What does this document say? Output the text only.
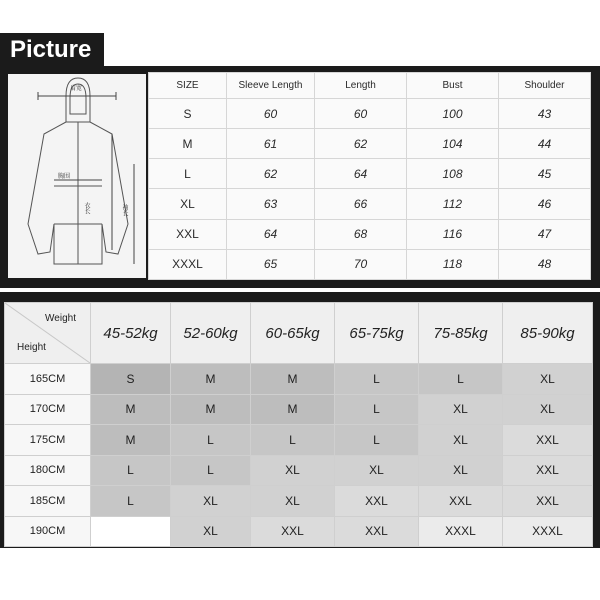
Picture
肩宽
胸围
衣长	袖长
SIZE	Sleeve Length	Length	Bust	Shoulder
S	60	60	100	43
M	61	62	104	44
L	62	64	108	45
XL	63	66	112	46
XXL	64	68	116	47
XXXL	65	70	118	48
Weight
Height	45-52kg	52-60kg	60-65kg	65-75kg	75-85kg	85-90kg
165CM	S	M	M	L	L	XL
170CM	M	M	M	L	XL	XL
175CM	M	L	L	L	XL	XXL
180CM	L	L	XL	XL	XL	XXL
185CM	L	XL	XL	XXL	XXL	XXL
190CM		XL	XXL	XXL	XXXL	XXXL
